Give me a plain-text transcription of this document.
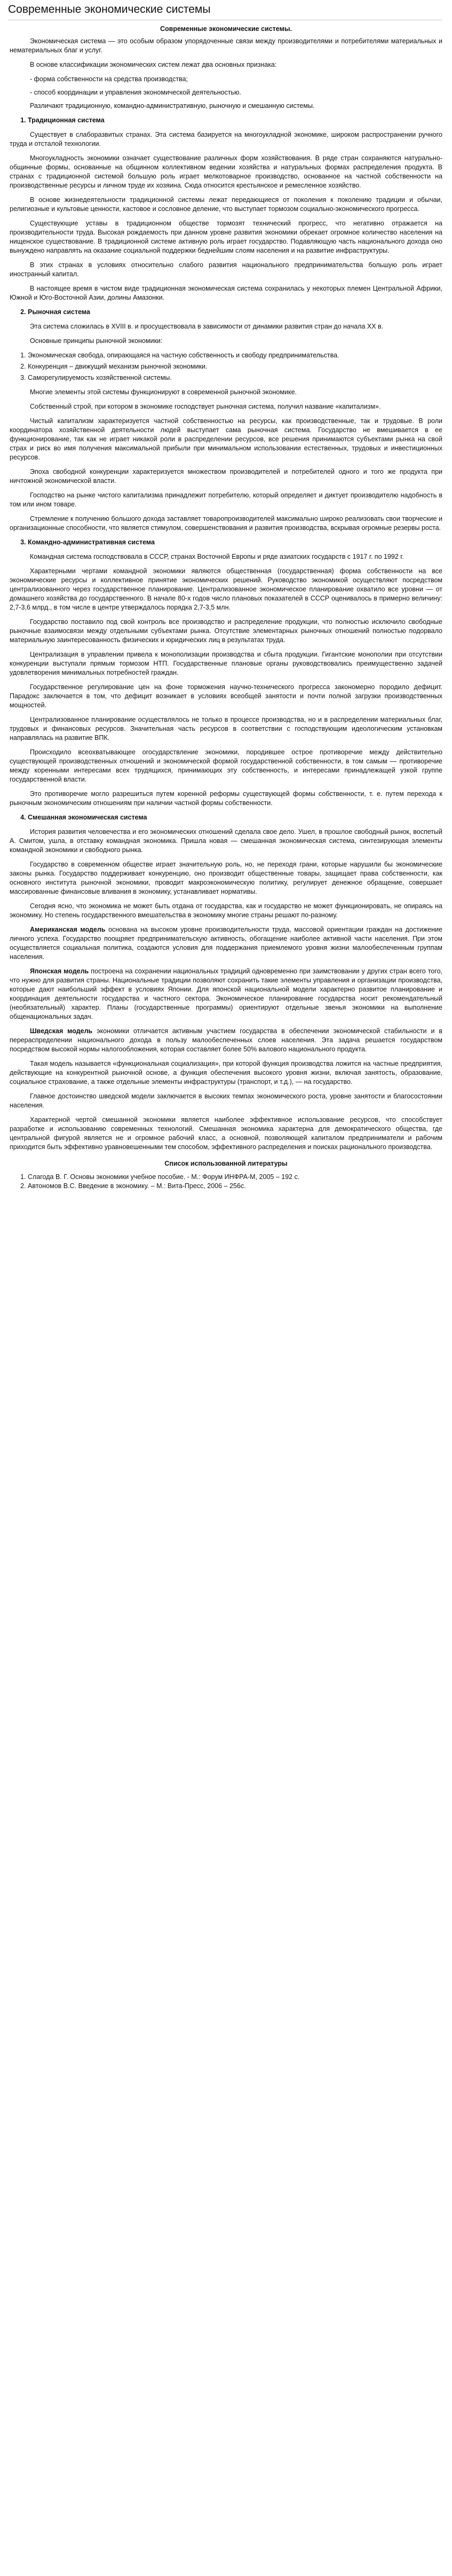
Современные экономические системы
Современные экономические системы.

Экономическая система — это особым образом упорядоченные связи между производителями и потребителями материальных и нематериальных благ и услуг.

В основе классификации экономических систем лежат два основных признака:

- форма собственности на средства производства;

- способ координации и управления экономической деятельностью.

Различают традиционную, командно-административную, рыночную и смешанную системы.

1. Традиционная система

Существует в слаборазвитых странах. Эта система базируется на многоукладной экономике, широком распространении ручного труда и отсталой технологии.

Многоукладность экономики означает существование различных форм хозяйствования. В ряде стран сохраняются натурально-общинные формы, основанные на общинном коллективном ведении хозяйства и натуральных формах распределения продукта. В странах с традиционной системой большую роль играет мелкотоварное производство, основанное на частной собственности на производственные ресурсы и личном труде их хозяина. Сюда относится крестьянское и ремесленное хозяйство.

В основе жизнедеятельности традиционной системы лежат передающиеся от поколения к поколению традиции и обычаи, религиозные и культовые ценности, кастовое и сословное деление, что выступает тормозом социально-экономического прогресса.

Существующие уставы в традиционном обществе тормозят технический прогресс, что негативно отражается на производительности труда. Высокая рождаемость при данном уровне развития экономики обрекает огромное количество населения на нищенское существование. В традиционной системе активную роль играет государство. Подавляющую часть национального дохода оно вынуждено направлять на оказание социальной поддержки беднейшим слоям населения и на развитие инфраструктуры.

В этих странах в условиях относительно слабого развития национального предпринимательства большую роль играет иностранный капитал.

В настоящее время в чистом виде традиционная экономическая система сохранилась у некоторых племен Центральной Африки, Южной и Юго-Восточной Азии, долины Амазонки.

2. Рыночная система

Эта система сложилась в XVIII в. и просуществовала в зависимости от динамики развития стран до начала XX в.

Основные принципы рыночной экономики:

1. Экономическая свобода, опирающаяся на частную собственность и свободу предпринимательства.
2. Конкуренция – движущий механизм рыночной экономики.
3. Саморегулируемость хозяйственной системы.

Многие элементы этой системы функционируют в современной рыночной экономике.

Собственный строй, при котором в экономике господствует рыночная система, получил название «капитализм».

Чистый капитализм характеризуется частной собственностью на ресурсы, как производственные, так и трудовые. В роли координатора хозяйственной деятельности людей выступает сама рыночная система. Государство не вмешивается в ее функционирование, так как не играет никакой роли в распределении ресурсов, все решения принимаются субъектами рынка на свой страх и риск во имя получения максимальной прибыли при минимальном использовании естественных, трудовых и инвестиционных ресурсов.

Эпоха свободной конкуренции характеризуется множеством производителей и потребителей одного и того же продукта при ничтожной экономической власти.

Господство на рынке чистого капитализма принадлежит потребителю, который определяет и диктует производителю надобность в том или ином товаре.

Стремление к получению большого дохода заставляет товаропроизводителей максимально широко реализовать свои творческие и организационные способности, что является стимулом, совершенствования и развития производства, вскрывая огромные резервы роста.

3. Командно-административная система

Командная система господствовала в СССР, странах Восточной Европы и ряде азиатских государств с 1917 г. по 1992 г.

Характерными чертами командной экономики являются общественная (государственная) форма собственности на все экономические ресурсы и коллективное принятие экономических решений. Руководство экономикой осуществляют посредством централизованного через государственное планирование. Централизованное экономическое планирование охватило все уровни — от домашнего хозяйства до государственного. В начале 80-х годов число плановых показателей в СССР оценивалось в примерно величину: 2,7-3,6 млрд., в том числе в центре утверждалось порядка 2,7-3,5 млн.

Государство поставило под свой контроль все производство и распределение продукции, что полностью исключило свободные рыночные взаимосвязи между отдельными субъектами рынка. Отсутствие элементарных рыночных отношений полностью подорвало материальную заинтересованность физических и юридических лиц в результатах труда.

Централизация в управлении привела к монополизации производства и сбыта продукции. Гигантские монополии при отсутствии конкуренции выступали прямым тормозом НТП. Государственные плановые органы руководствовались преимущественно задачей удовлетворения минимальных потребностей граждан.

Государственное регулирование цен на фоне торможения научно-технического прогресса закономерно породило дефицит. Парадокс заключается в том, что дефицит возникает в условиях всеобщей занятости и почти полной загрузки производственных мощностей.

Централизованное планирование осуществлялось не только в процессе производства, но и в распределении материальных благ, трудовых и финансовых ресурсов. Значительная часть ресурсов в соответствии с господствующим идеологическим установкам направлялась на развитие ВПК.

Происходило всеохватывающее огосударствление экономики, породившее острое противоречие между действительно существующей производственных отношений и экономической формой государственной собственности, в том самым — противоречие между коренными интересами всех трудящихся, принимающих эту собственность, и интересами принадлежащей узкой группе государственной власти.

Это противоречие могло разрешиться путем коренной реформы существующей формы собственности, т. е. путем перехода к рыночным экономическим отношениям при наличии частной формы собственности.

4. Смешанная экономическая система

История развития человечества и его экономических отношений сделала свое дело. Ушел, в прошлое свободный рынок, воспетый А. Смитом, ушла, в отставку командная экономика. Пришла новая — смешанная экономическая система, синтезирующая элементы командной экономики и свободного рынка.

Государство в современном обществе играет значительную роль, но, не переходя грани, которые нарушили бы экономические законы рынка. Государство поддерживает конкуренцию, оно производит общественные товары, защищает права собственности, как основного института рыночной экономики, проводит макроэкономическую политику, регулирует денежное обращение, совершает массированные финансовые вливания в экономику, устанавливает нормативы.

Сегодня ясно, что экономика не может быть отдана от государства, как и государство не может функционировать, не опираясь на экономику. Но степень государственного вмешательства в экономику многие страны решают по-разному.

Американская модель основана на высоком уровне производительности труда, массовой ориентации граждан на достижение личного успеха. Государство поощряет предпринимательскую активность, обогащение наиболее активной части населения. При этом осуществляется социальная политика, создаются условия для поддержания приемлемого уровня жизни малообеспеченным группам населения.

Японская модель построена на сохранении национальных традиций одновременно при заимствовании у других стран всего того, что нужно для развития страны. Национальные традиции позволяют сохранить такие элементы управления и организации производства, которые дают наибольший эффект в условиях Японии. Для японской национальной модели характерно развитое планирование и координация деятельности государства и частного сектора. Экономическое планирование государства носит рекомендательный (необязательный) характер. Планы (государственные программы) ориентируют отдельные звенья экономики на выполнение общенациональных задач.

Шведская модель экономики отличается активным участием государства в обеспечении экономической стабильности и в перераспределении национального дохода в пользу малообеспеченных слоев населения. Эта задача решается государством посредством высокой нормы налогообложения, которая составляет более 50% валового национального продукта.

Такая модель называется «функциональная социализация», при которой функция производства ложится на частные предприятия, действующие на конкурентной рыночной основе, а функция обеспечения высокого уровня жизни, включая занятость, образование, социальное страхование, а также отдельные элементы инфраструктуры (транспорт, и т.д.), — на государство.

Главное достоинство шведской модели заключается в высоких темпах экономического роста, уровне занятости и благосостоянии населения.

Характерной чертой смешанной экономики является наиболее эффективное использование ресурсов, что способствует разработке и использованию современных технологий. Смешанная экономика характерна для демократического общества, где центральной фигурой является не и огромное рабочий класс, а основной, позволяющей капиталом предприниматели и рабочим приходится быть эффективно уравновешенными тем способом, эффективного распределения и поисках рационального производства.

Список использованной литературы
1. Слагода В. Г. Основы экономики учебное пособие. - М.: Форум ИНФРА-М, 2005 – 192 с.
2. Автономов В.С. Введение в экономику. – М.: Вита-Пресс, 2006 – 256с.
